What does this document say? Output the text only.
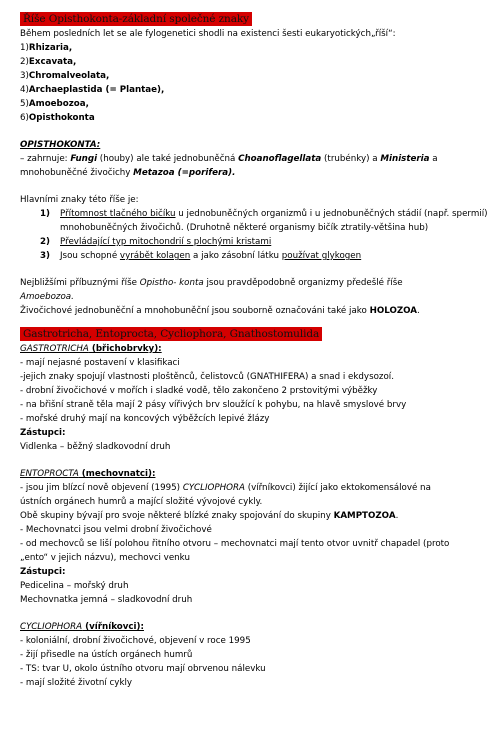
Říše Opisthokonta-základní společné znaky
Během posledních let se ale fylogenetici shodli na existenci šesti eukaryotických„říší“:
1)Rhizaria,
2)Excavata,
3)Chromalveolata,
4)Archaeplastida (= Plantae),
5)Amoebozoa,
6)Opisthokonta
OPISTHOKONTA:
– zahrnuje: Fungi (houby) ale také jednobuněčná Choanoflagellata (trubénky) a Ministeria a
mnohobuněčné živočichy Metazoa (=porifera).
Hlavními znaky této říše je:
1)	Přítomnost tlačného bičíku u jednobuněčných organizmů i u jednobuněčných stádií (např. spermií) mnohobuněčných živočichů. (Druhotně některé organismy bičík ztratily-většina hub)
2)	Převládající typ mitochondrií s plochými kristami
3)	Jsou schopné vyrábět kolagen a jako zásobní látku používat glykogen
Nejbližšími příbuznými říše Opistho- konta jsou pravděpodobně organizmy předešlé říše
Amoebozoa.
Živočichové jednobuněční a mnohobuněční jsou souborně označováni také jako HOLOZOA.
Gastrotricha, Entoprocta, Cycliophora, Gnathostomulida
GASTROTRICHA (břichobrvky):
- mají nejasné postavení v klasifikaci
-jejich znaky spojují vlastnosti ploštěnců, čelistovců (GNATHIFERA) a snad i ekdysozoí.
- drobní živočichové v mořích i sladké vodě, tělo zakončeno 2 prstovitými výběžky
- na břišní straně těla mají 2 pásy vířivých brv sloužící k pohybu, na hlavě smyslové brvy
- mořské druhý mají na koncových výběžcích lepivé žlázy
Zástupci:
Vidlenka – běžný sladkovodní druh
ENTOPROCTA (mechovnatci):
- jsou jim blízcí nově objevení (1995) CYCLIOPHORA (vířníkovci) žijící jako ektokomensálové na
ústních orgánech humrů a mající složité vývojové cykly.
Obě skupiny bývají pro svoje některé blízké znaky spojování do skupiny KAMPTOZOA.
- Mechovnatci jsou velmi drobní živočichové
- od mechovců se liší polohou řitního otvoru – mechovnatci mají tento otvor uvnitř chapadel (proto
„ento“ v jejich názvu), mechovci venku
Zástupci:
Pedicelina – mořský druh
Mechovnatka jemná – sladkovodní druh
CYCLIOPHORA (vířníkovci):
- koloniální, drobní živočichové, objevení v roce 1995
- žijí přisedle na ústích orgánech humrů
- TS: tvar U, okolo ústního otvoru mají obrvenou nálevku
- mají složité životní cykly
